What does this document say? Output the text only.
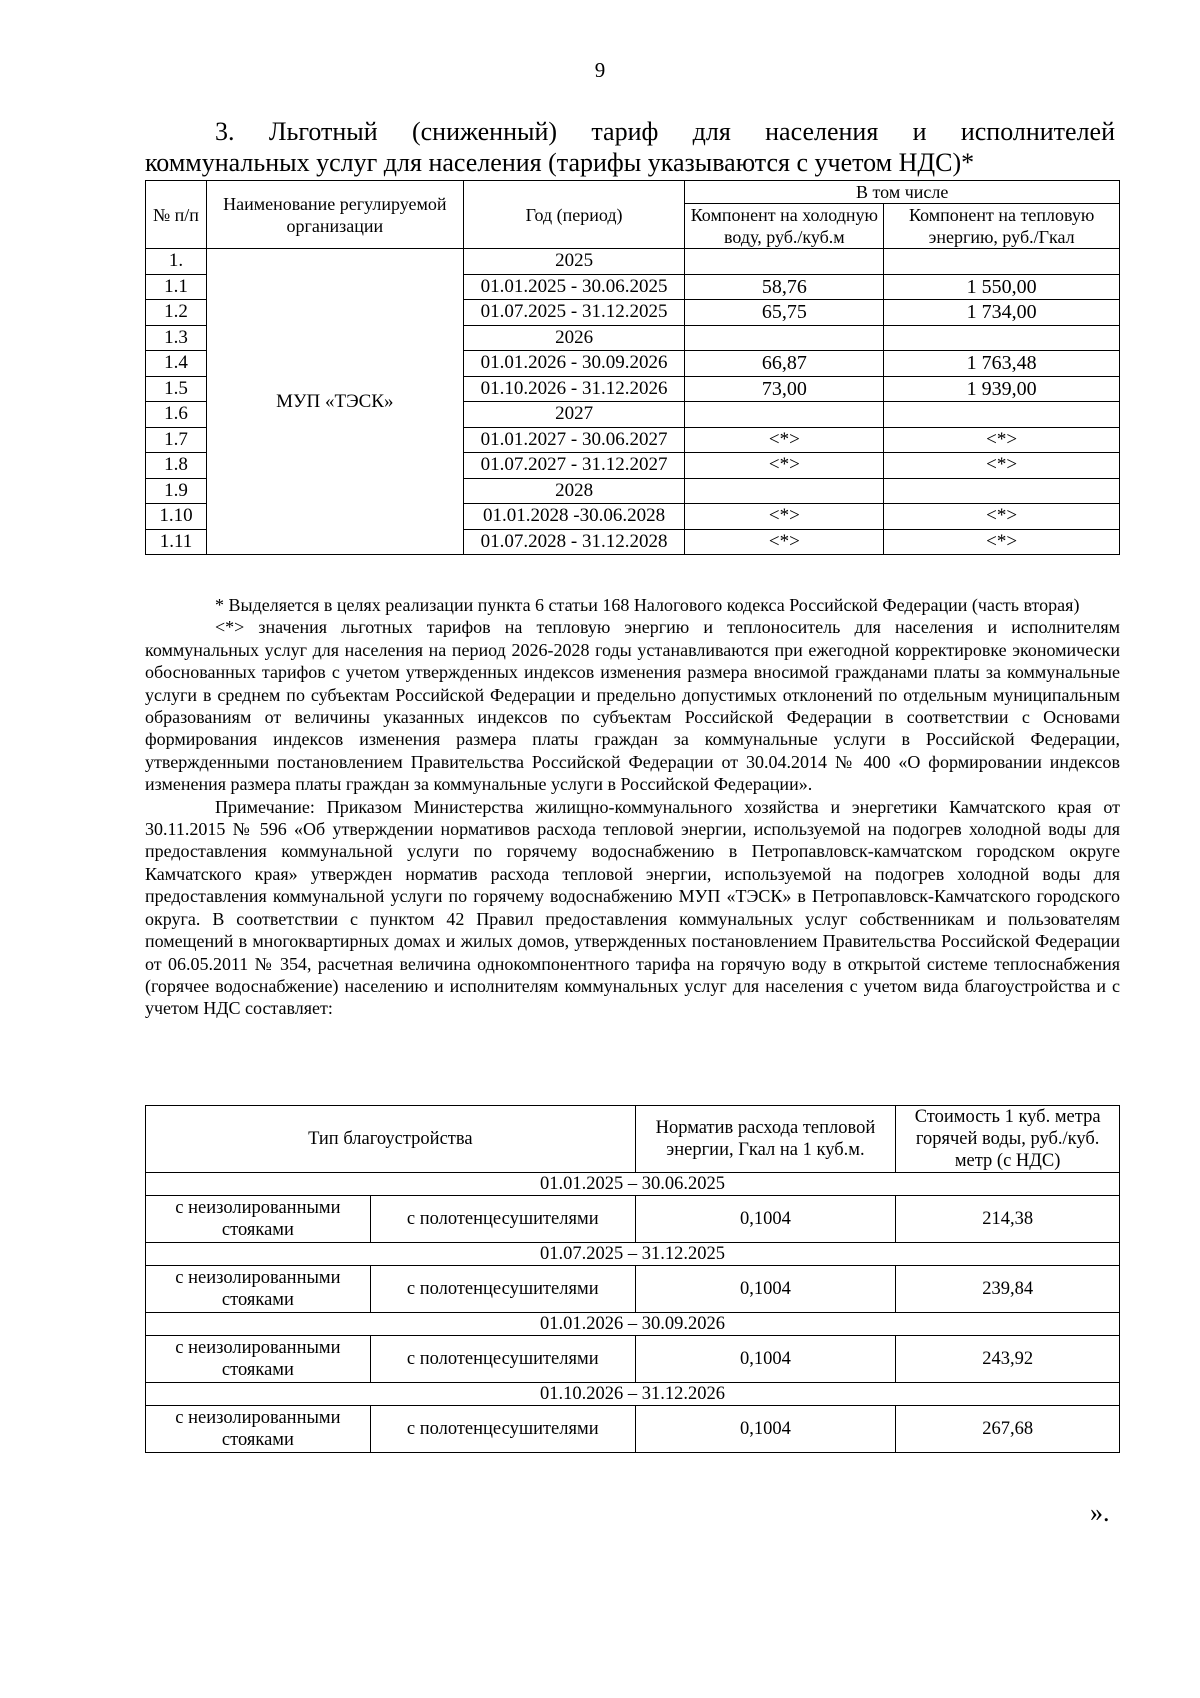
9
3. Льготный (сниженный) тариф для населения и исполнителей
коммунальных услуг для населения (тарифы указываются с учетом НДС)*
№ п/п	Наименование регулируемой организации	Год (период)	В том числе	
			Компонент на холодную воду, руб./куб.м	Компонент на тепловую энергию, руб./Гкал
1.	МУП «ТЭСК»	2025		
1.1		01.01.2025 - 30.06.2025	58,76	1 550,00
1.2		01.07.2025 - 31.12.2025	65,75	1 734,00
1.3		2026		
1.4		01.01.2026 - 30.09.2026	66,87	1 763,48
1.5		01.10.2026 - 31.12.2026	73,00	1 939,00
1.6		2027		
1.7		01.01.2027 - 30.06.2027	<*>	<*>
1.8		01.07.2027 - 31.12.2027	<*>	<*>
1.9		2028		
1.10		01.01.2028 -30.06.2028	<*>	<*>
1.11		01.07.2028 - 31.12.2028	<*>	<*>

* Выделяется в целях реализации пункта 6 статьи 168 Налогового кодекса Российской Федерации (часть вторая)

<*> значения льготных тарифов на тепловую энергию и теплоноситель для населения и исполнителям коммунальных услуг для населения на период 2026-2028 годы устанавливаются при ежегодной корректировке экономически обоснованных тарифов с учетом утвержденных индексов изменения размера вносимой гражданами платы за коммунальные услуги в среднем по субъектам Российской Федерации и предельно допустимых отклонений по отдельным муниципальным образованиям от величины указанных индексов по субъектам Российской Федерации в соответствии с Основами формирования индексов изменения размера платы граждан за коммунальные услуги в Российской Федерации, утвержденными постановлением Правительства Российской Федерации от 30.04.2014 № 400 «О формировании индексов изменения размера платы граждан за коммунальные услуги в Российской Федерации».

Примечание: Приказом Министерства жилищно-коммунального хозяйства и энергетики Камчатского края от 30.11.2015 № 596 «Об утверждении нормативов расхода тепловой энергии, используемой на подогрев холодной воды для предоставления коммунальной услуги по горячему водоснабжению в Петропавловск-камчатском городском округе Камчатского края» утвержден норматив расхода тепловой энергии, используемой на подогрев холодной воды для предоставления коммунальной услуги по горячему водоснабжению МУП «ТЭСК» в Петропавловск-Камчатского городского округа. В соответствии с пунктом 42 Правил предоставления коммунальных услуг собственникам и пользователям помещений в многоквартирных домах и жилых домов, утвержденных постановлением Правительства Российской Федерации от 06.05.2011 № 354, расчетная величина однокомпонентного тарифа на горячую воду в открытой системе теплоснабжения (горячее водоснабжение) населению и исполнителям коммунальных услуг для населения с учетом вида благоустройства и с учетом НДС составляет:

Тип благоустройства		Норматив расхода тепловой энергии, Гкал на 1 куб.м.	Стоимость 1 куб. метра горячей воды, руб./куб. метр (с НДС)
01.01.2025 – 30.06.2025			
с неизолированными стояками	с полотенцесушителями	0,1004	214,38
01.07.2025 – 31.12.2025			
с неизолированными стояками	с полотенцесушителями	0,1004	239,84
01.01.2026 – 30.09.2026			
с неизолированными стояками	с полотенцесушителями	0,1004	243,92
01.10.2026 – 31.12.2026			
с неизолированными стояками	с полотенцесушителями	0,1004	267,68
».
